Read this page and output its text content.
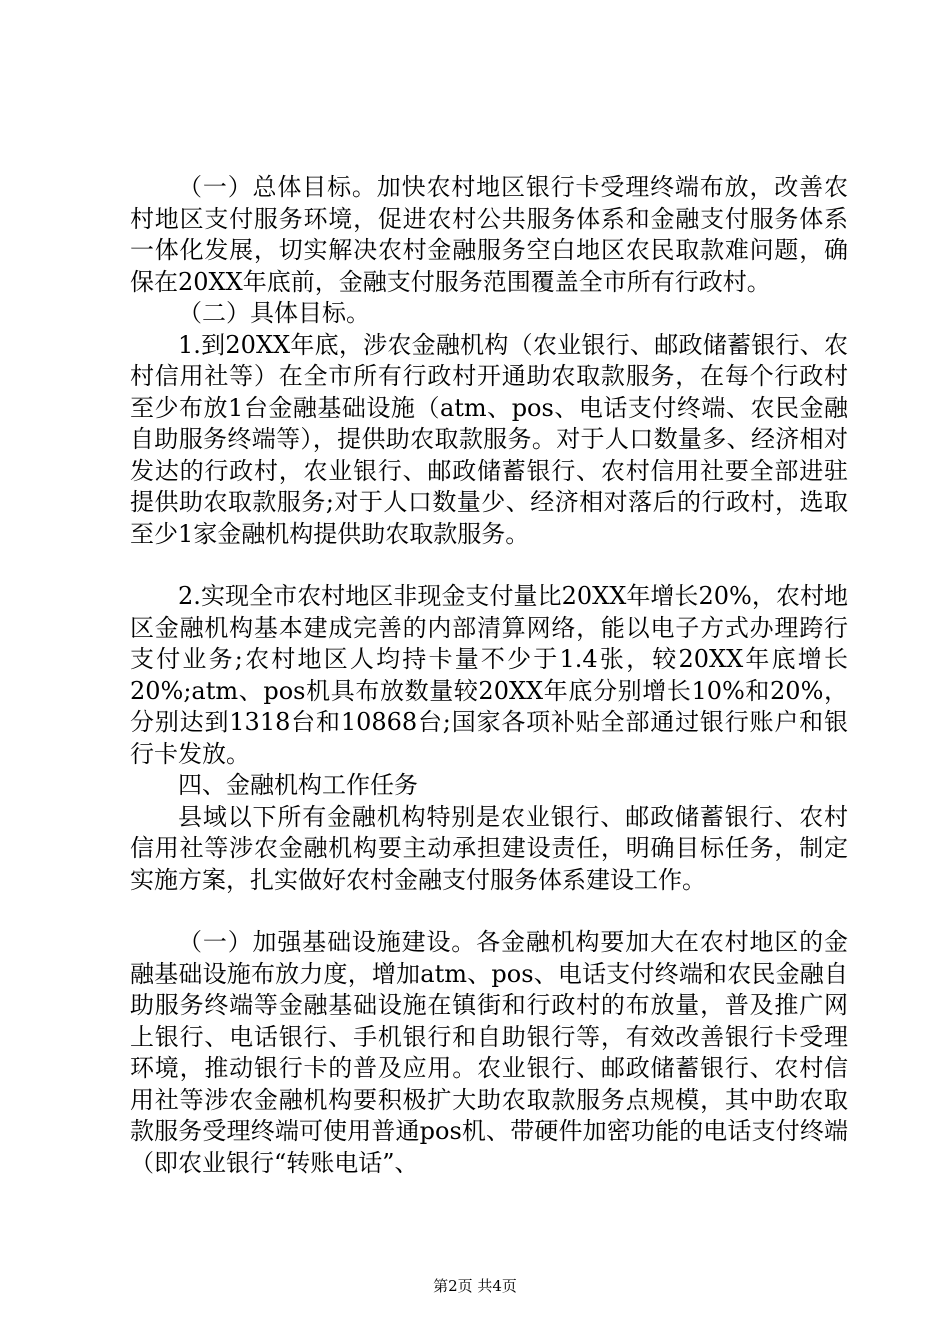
（一）总体目标。加快农村地区银行卡受理终端布放，改善农村地区支付服务环境，促进农村公共服务体系和金融支付服务体系一体化发展，切实解决农村金融服务空白地区农民取款难问题，确保在20XX年底前，金融支付服务范围覆盖全市所有行政村。

（二）具体目标。

1.到20XX年底，涉农金融机构（农业银行、邮政储蓄银行、农村信用社等）在全市所有行政村开通助农取款服务，在每个行政村至少布放1台金融基础设施（atm、pos、电话支付终端、农民金融自助服务终端等），提供助农取款服务。对于人口数量多、经济相对发达的行政村，农业银行、邮政储蓄银行、农村信用社要全部进驻提供助农取款服务;对于人口数量少、经济相对落后的行政村，选取至少1家金融机构提供助农取款服务。

2.实现全市农村地区非现金支付量比20XX年增长20%，农村地区金融机构基本建成完善的内部清算网络，能以电子方式办理跨行支付业务;农村地区人均持卡量不少于1.4张，较20XX年底增长20%;atm、pos机具布放数量较20XX年底分别增长10%和20%，分别达到1318台和10868台;国家各项补贴全部通过银行账户和银行卡发放。

四、金融机构工作任务

县域以下所有金融机构特别是农业银行、邮政储蓄银行、农村信用社等涉农金融机构要主动承担建设责任，明确目标任务，制定实施方案，扎实做好农村金融支付服务体系建设工作。

（一）加强基础设施建设。各金融机构要加大在农村地区的金融基础设施布放力度，增加atm、pos、电话支付终端和农民金融自助服务终端等金融基础设施在镇街和行政村的布放量，普及推广网上银行、电话银行、手机银行和自助银行等，有效改善银行卡受理环境，推动银行卡的普及应用。农业银行、邮政储蓄银行、农村信用社等涉农金融机构要积极扩大助农取款服务点规模，其中助农取款服务受理终端可使用普通pos机、带硬件加密功能的电话支付终端（即农业银行“转账电话”、

第2页 共4页
